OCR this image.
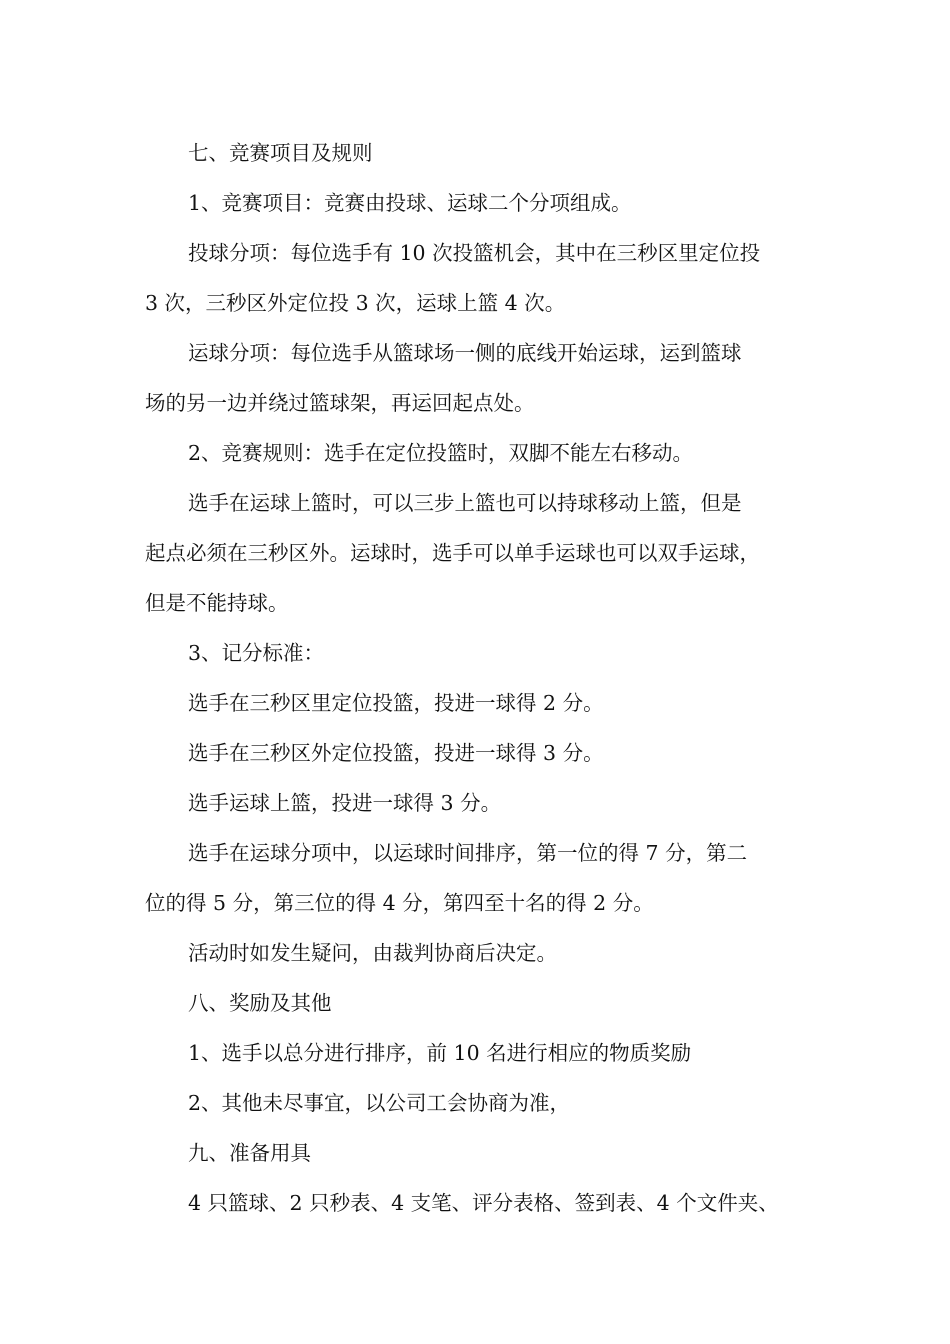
七、竞赛项目及规则

1、竞赛项目：竞赛由投球、运球二个分项组成。

投球分项：每位选手有 10 次投篮机会，其中在三秒区里定位投

3 次，三秒区外定位投 3 次，运球上篮 4 次。

运球分项：每位选手从篮球场一侧的底线开始运球，运到篮球

场的另一边并绕过篮球架，再运回起点处。

2、竞赛规则：选手在定位投篮时，双脚不能左右移动。

选手在运球上篮时，可以三步上篮也可以持球移动上篮，但是

起点必须在三秒区外。运球时，选手可以单手运球也可以双手运球，

但是不能持球。

3、记分标准：

选手在三秒区里定位投篮，投进一球得 2 分。

选手在三秒区外定位投篮，投进一球得 3 分。

选手运球上篮，投进一球得 3 分。

选手在运球分项中，以运球时间排序，第一位的得 7 分，第二

位的得 5 分，第三位的得 4 分，第四至十名的得 2 分。

活动时如发生疑问，由裁判协商后决定。

八、奖励及其他

1、选手以总分进行排序，前 10 名进行相应的物质奖励

2、其他未尽事宜，以公司工会协商为准，

九、准备用具

4 只篮球、2 只秒表、4 支笔、评分表格、签到表、4 个文件夹、
